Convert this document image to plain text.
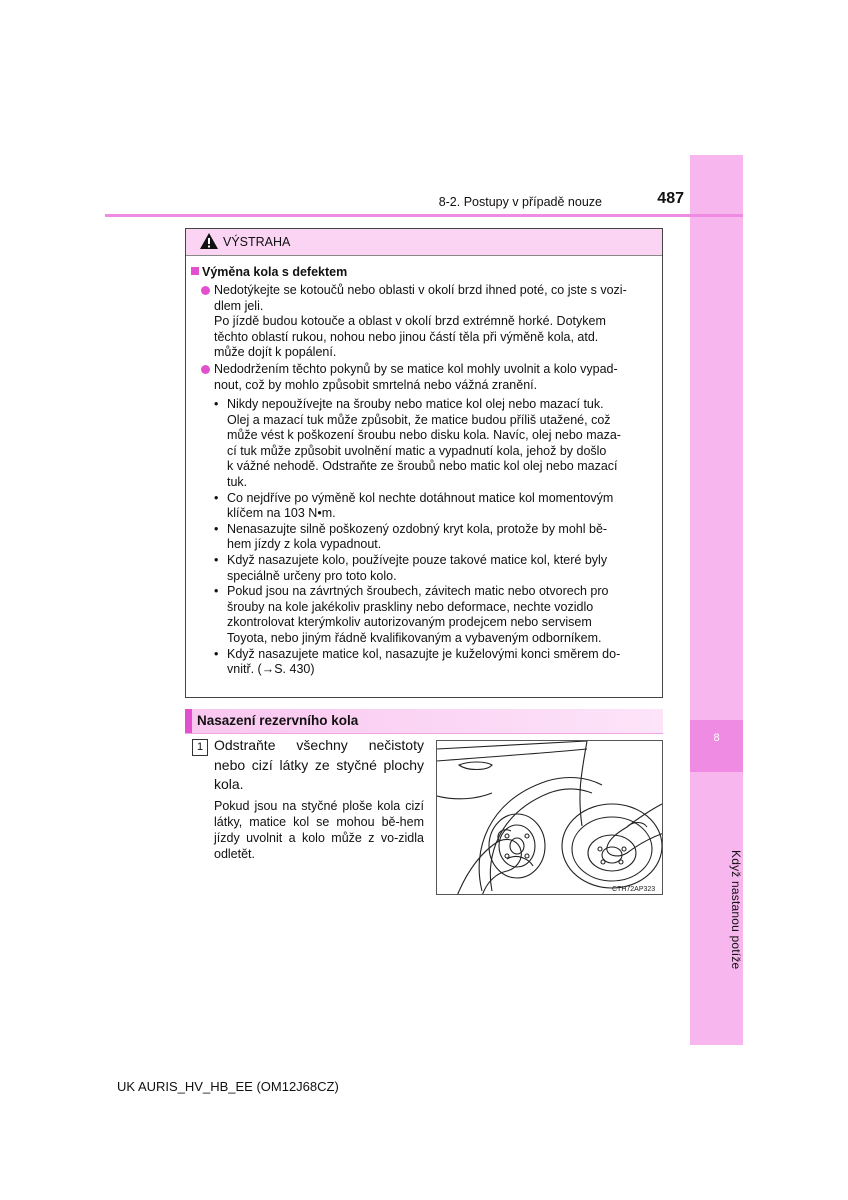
8
Když nastanou potíže
8-2. Postupy v případě nouze	487
VÝSTRAHA
Výměna kola s defektem

Nedotýkejte se kotoučů nebo oblasti v okolí brzd ihned poté, co jste s vozi-
dlem jeli.
Po jízdě budou kotouče a oblast v okolí brzd extrémně horké. Dotykem
těchto oblastí rukou, nohou nebo jinou částí těla při výměně kola, atd.
může dojít k popálení.

Nedodržením těchto pokynů by se matice kol mohly uvolnit a kolo vypad-
nout, což by mohlo způsobit smrtelná nebo vážná zranění.

• Nikdy nepoužívejte na šrouby nebo matice kol olej nebo mazací tuk.
Olej a mazací tuk může způsobit, že matice budou příliš utažené, což
může vést k poškození šroubu nebo disku kola. Navíc, olej nebo maza-
cí tuk může způsobit uvolnění matic a vypadnutí kola, jehož by došlo
k vážné nehodě. Odstraňte ze šroubů nebo matic kol olej nebo mazací
tuk.
• Co nejdříve po výměně kol nechte dotáhnout matice kol momentovým
klíčem na 103 N•m.
• Nenasazujte silně poškozený ozdobný kryt kola, protože by mohl bě-
hem jízdy z kola vypadnout.
• Když nasazujete kolo, používejte pouze takové matice kol, které byly
speciálně určeny pro toto kolo.
• Pokud jsou na závrtných šroubech, závitech matic nebo otvorech pro
šrouby na kole jakékoliv praskliny nebo deformace, nechte vozidlo
zkontrolovat kterýmkoliv autorizovaným prodejcem nebo servisem
Toyota, nebo jiným řádně kvalifikovaným a vybaveným odborníkem.
• Když nasazujete matice kol, nasazujte je kuželovými konci směrem do-
vnitř. (→S. 430)
Nasazení rezervního kola
1 Odstraňte všechny nečistoty nebo cizí látky ze styčné plochy kola.
Pokud jsou na styčné ploše kola cizí látky, matice kol se mohou bě-hem jízdy uvolnit a kolo může z vo-zidla odletět.
CTH72AP323
UK AURIS_HV_HB_EE (OM12J68CZ)
